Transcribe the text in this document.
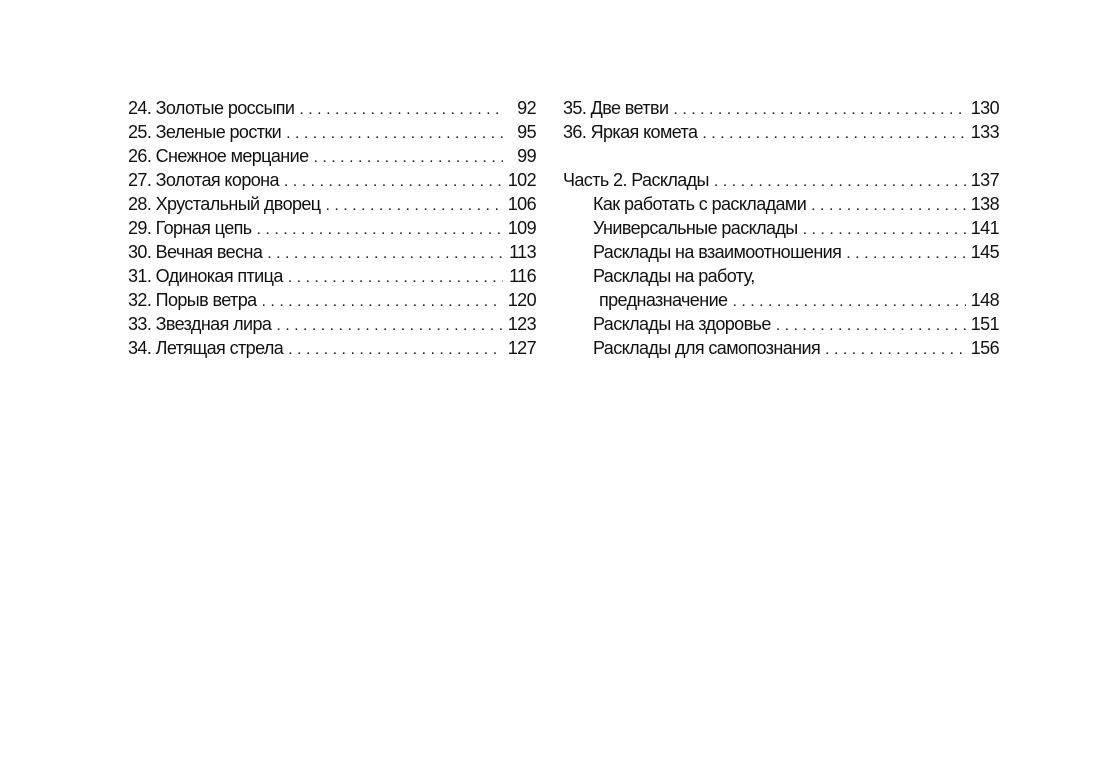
24. Золотые россыпи . . .	92
25. Зеленые ростки . . .	95
26. Снежное мерцание . . .	99
27. Золотая корона . . .	102
28. Хрустальный дворец . . .	106
29. Горная цепь . . .	109
30. Вечная весна . . .	113
31. Одинокая птица . . .	116
32. Порыв ветра . . .	120
33. Звездная лира . . .	123
34. Летящая стрела . . .	127
35. Две ветви . . .	130
36. Яркая комета . . .	133
Часть 2. Расклады . . .	137
Как работать с раскладами . . .	138
Универсальные расклады . . .	141
Расклады на взаимоотношения . . .	145
Расклады на работу,
предназначение . . .	148
Расклады на здоровье . . .	151
Расклады для самопознания . . .	156
